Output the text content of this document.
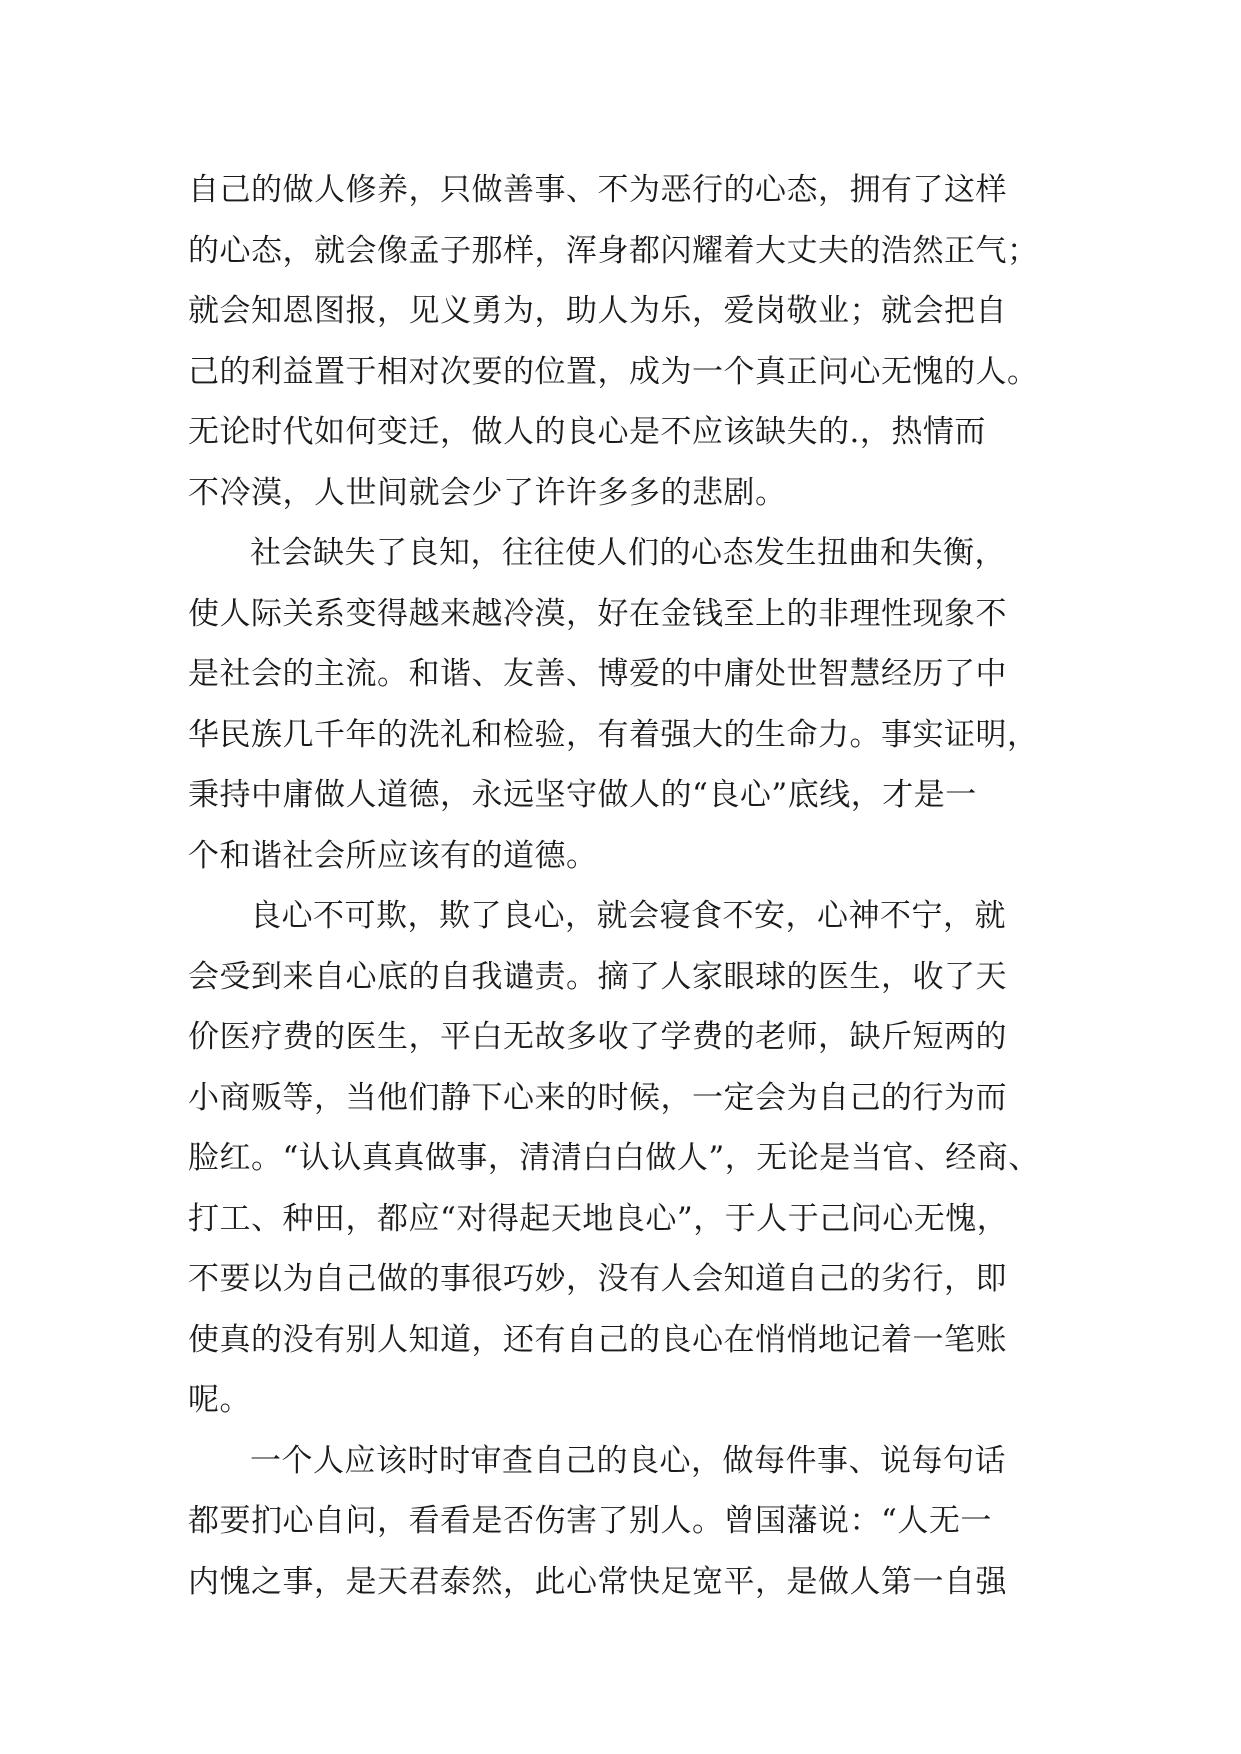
自己的做人修养，只做善事、不为恶行的心态，拥有了这样
的心态，就会像孟子那样，浑身都闪耀着大丈夫的浩然正气；
就会知恩图报，见义勇为，助人为乐，爱岗敬业；就会把自
己的利益置于相对次要的位置，成为一个真正问心无愧的人。
无论时代如何变迁，做人的良心是不应该缺失的.，热情而
不冷漠，人世间就会少了许许多多的悲剧。
社会缺失了良知，往往使人们的心态发生扭曲和失衡，
使人际关系变得越来越冷漠，好在金钱至上的非理性现象不
是社会的主流。和谐、友善、博爱的中庸处世智慧经历了中
华民族几千年的洗礼和检验，有着强大的生命力。事实证明，
秉持中庸做人道德，永远坚守做人的“良心”底线，才是一
个和谐社会所应该有的道德。
良心不可欺，欺了良心，就会寝食不安，心神不宁，就
会受到来自心底的自我谴责。摘了人家眼球的医生，收了天
价医疗费的医生，平白无故多收了学费的老师，缺斤短两的
小商贩等，当他们静下心来的时候，一定会为自己的行为而
脸红。“认认真真做事，清清白白做人”，无论是当官、经商、
打工、种田，都应“对得起天地良心”，于人于己问心无愧，
不要以为自己做的事很巧妙，没有人会知道自己的劣行，即
使真的没有别人知道，还有自己的良心在悄悄地记着一笔账
呢。
一个人应该时时审查自己的良心，做每件事、说每句话
都要扪心自问，看看是否伤害了别人。曾国藩说：“人无一
内愧之事，是天君泰然，此心常快足宽平，是做人第一自强
